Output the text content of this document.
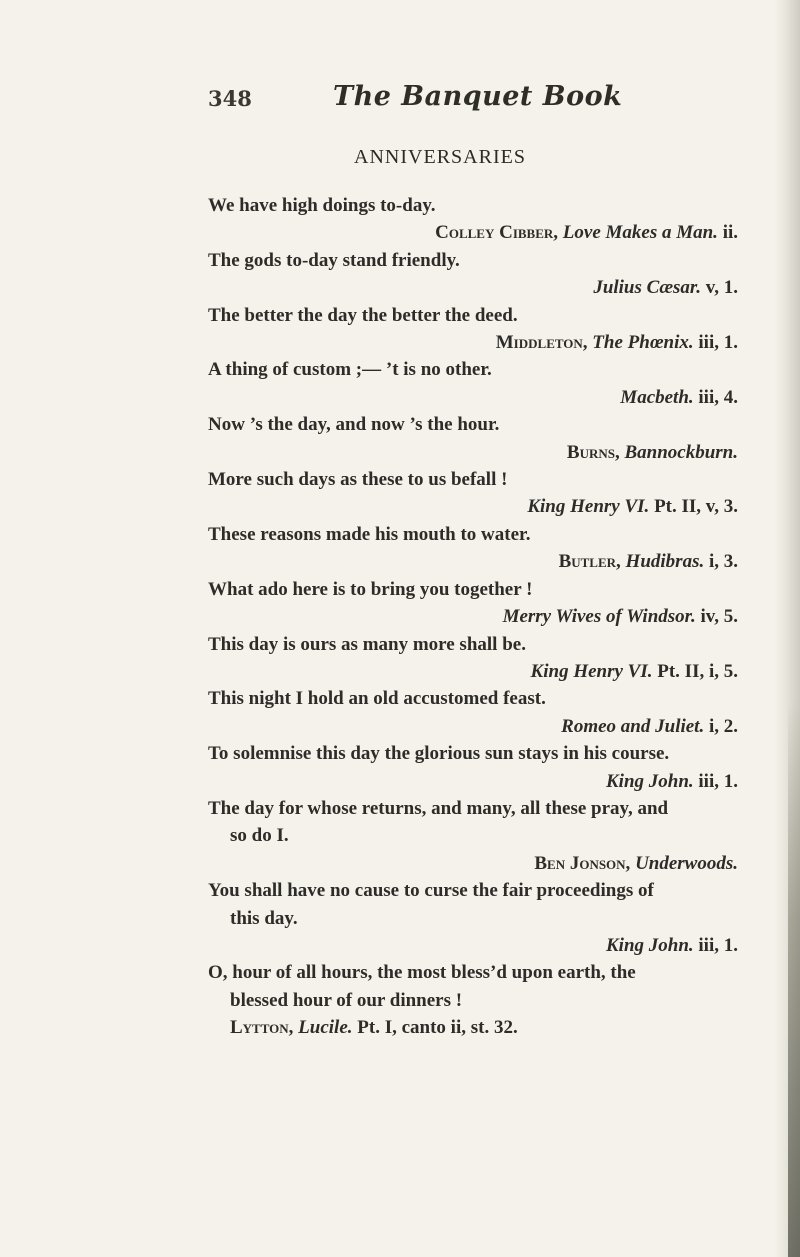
348	The Banquet Book
ANNIVERSARIES
We have high doings to-day.
Colley Cibber, Love Makes a Man. ii.
The gods to-day stand friendly.
Julius Cæsar. v, 1.
The better the day the better the deed.
Middleton, The Phœnix. iii, 1.
A thing of custom ;— ’t is no other.
Macbeth. iii, 4.
Now ’s the day, and now ’s the hour.
Burns, Bannockburn.
More such days as these to us befall !
King Henry VI. Pt. II, v, 3.
These reasons made his mouth to water.
Butler, Hudibras. i, 3.
What ado here is to bring you together !
Merry Wives of Windsor. iv, 5.
This day is ours as many more shall be.
King Henry VI. Pt. II, i, 5.
This night I hold an old accustomed feast.
Romeo and Juliet. i, 2.
To solemnise this day the glorious sun stays in his course.
King John. iii, 1.
The day for whose returns, and many, all these pray, and
so do I.
Ben Jonson, Underwoods.
You shall have no cause to curse the fair proceedings of
this day.
King John. iii, 1.
O, hour of all hours, the most bless’d upon earth, the
blessed hour of our dinners !
Lytton, Lucile. Pt. I, canto ii, st. 32.
